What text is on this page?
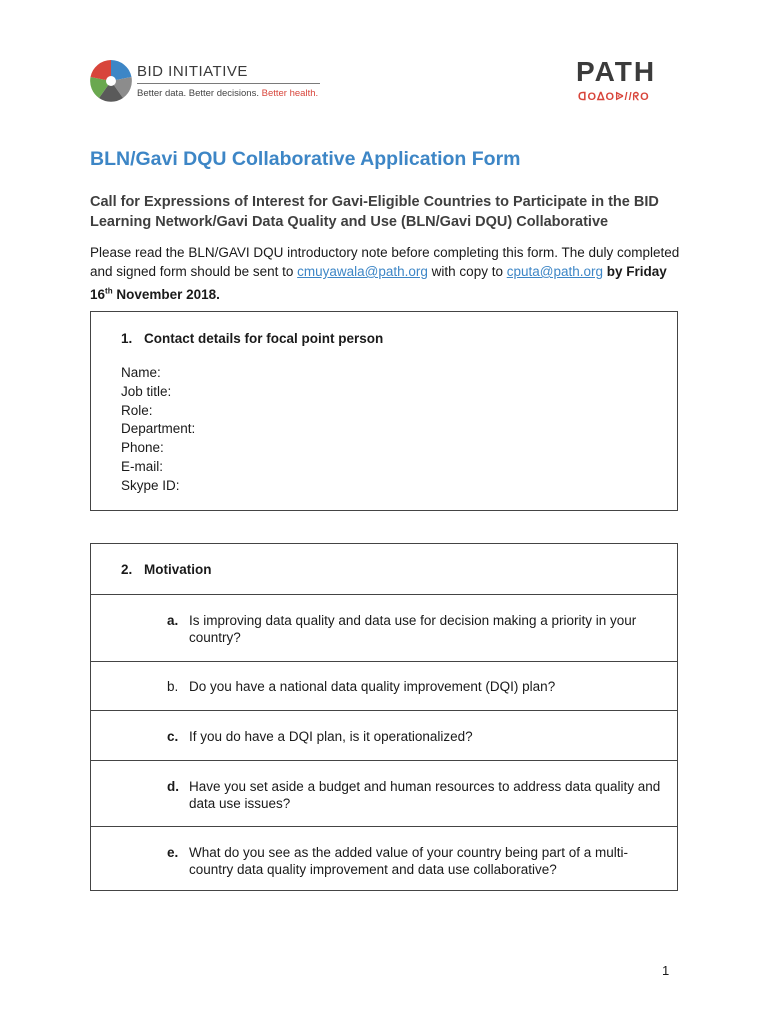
BID INITIATIVE
Better data. Better decisions. Better health.
PATH
ᗡOᐃOᐉ//ᖇO
BLN/Gavi DQU Collaborative Application Form
Call for Expressions of Interest for Gavi-Eligible Countries to Participate in the BID Learning Network/Gavi Data Quality and Use (BLN/Gavi DQU) Collaborative
Please read the BLN/GAVI DQU introductory note before completing this form. The duly completed and signed form should be sent to cmuyawala@path.org with copy to cputa@path.org by Friday 16th November 2018.
1. Contact details for focal point person
Name:
Job title:
Role:
Department:
Phone:
E-mail:
Skype ID:
2. Motivation
a. Is improving data quality and data use for decision making a priority in your country?
b. Do you have a national data quality improvement (DQI) plan?
c. If you do have a DQI plan, is it operationalized?
d. Have you set aside a budget and human resources to address data quality and data use issues?
e. What do you see as the added value of your country being part of a multi-country data quality improvement and data use collaborative?
1
